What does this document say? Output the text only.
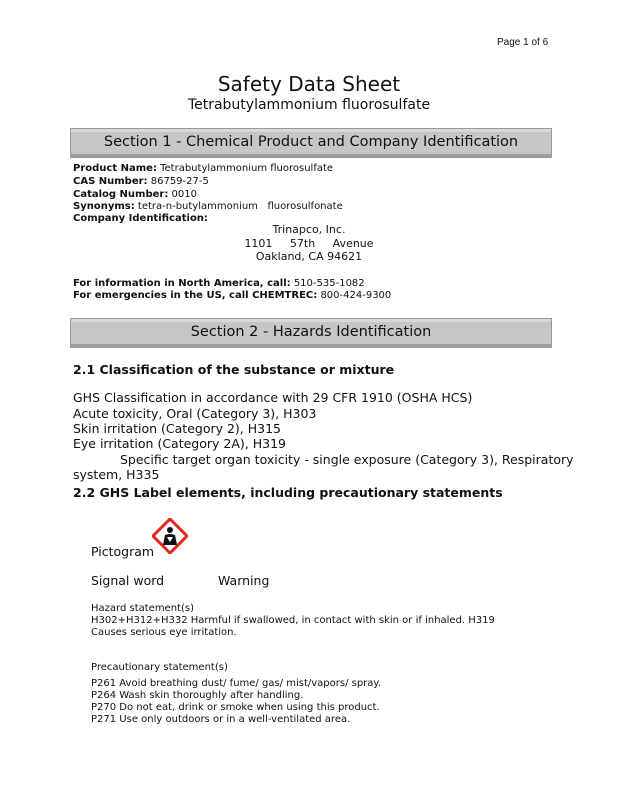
Page 1 of 6
Safety Data Sheet
Tetrabutylammonium fluorosulfate
Section 1 - Chemical Product and Company Identification
Product Name: Tetrabutylammonium fluorosulfate
CAS Number: 86759-27-5
Catalog Number: 0010
Synonyms: tetra-n-butylammonium   fluorosulfonate
Company Identification:
Trinapco, Inc.
1101     57th     Avenue
Oakland, CA 94621
For information in North America, call: 510-535-1082
For emergencies in the US, call CHEMTREC: 800-424-9300
Section 2 - Hazards Identification
2.1 Classification of the substance or mixture
GHS Classification in accordance with 29 CFR 1910 (OSHA HCS)
Acute toxicity, Oral (Category 3), H303
Skin irritation (Category 2), H315
Eye irritation (Category 2A), H319
Specific target organ toxicity - single exposure (Category 3), Respiratory
system, H335
2.2 GHS Label elements, including precautionary statements
Pictogram
Signal word	Warning
Hazard statement(s)
H302+H312+H332 Harmful if swallowed, in contact with skin or if inhaled. H319
Causes serious eye irritation.
Precautionary statement(s)
P261 Avoid breathing dust/ fume/ gas/ mist/vapors/ spray.
P264 Wash skin thoroughly after handling.
P270 Do not eat, drink or smoke when using this product.
P271 Use only outdoors or in a well-ventilated area.
